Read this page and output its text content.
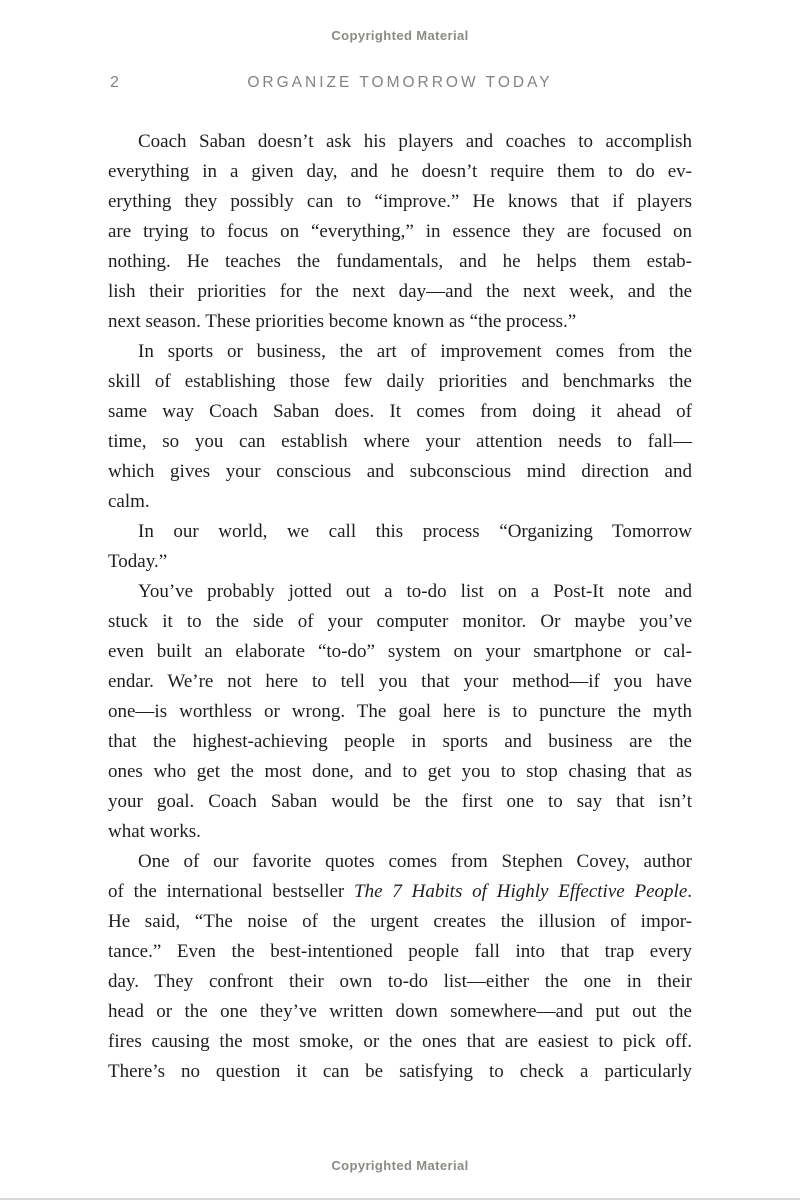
Copyrighted Material
2	ORGANIZE TOMORROW TODAY
Coach Saban doesn’t ask his players and coaches to accomplish
everything in a given day, and he doesn’t require them to do ev-
erything they possibly can to “improve.” He knows that if players
are trying to focus on “everything,” in essence they are focused on
nothing. He teaches the fundamentals, and he helps them estab-
lish their priorities for the next day—and the next week, and the
next season. These priorities become known as “the process.”
In sports or business, the art of improvement comes from the
skill of establishing those few daily priorities and benchmarks the
same way Coach Saban does. It comes from doing it ahead of
time, so you can establish where your attention needs to fall—
which gives your conscious and subconscious mind direction and
calm.
In our world, we call this process “Organizing Tomorrow
Today.”
You’ve probably jotted out a to-do list on a Post-It note and
stuck it to the side of your computer monitor. Or maybe you’ve
even built an elaborate “to-do” system on your smartphone or cal-
endar. We’re not here to tell you that your method—if you have
one—is worthless or wrong. The goal here is to puncture the myth
that the highest-achieving people in sports and business are the
ones who get the most done, and to get you to stop chasing that as
your goal. Coach Saban would be the first one to say that isn’t
what works.
One of our favorite quotes comes from Stephen Covey, author
of the international bestseller The 7 Habits of Highly Effective People.
He said, “The noise of the urgent creates the illusion of impor-
tance.” Even the best-intentioned people fall into that trap every
day. They confront their own to-do list—either the one in their
head or the one they’ve written down somewhere—and put out the
fires causing the most smoke, or the ones that are easiest to pick off.
There’s no question it can be satisfying to check a particularly
Copyrighted Material
